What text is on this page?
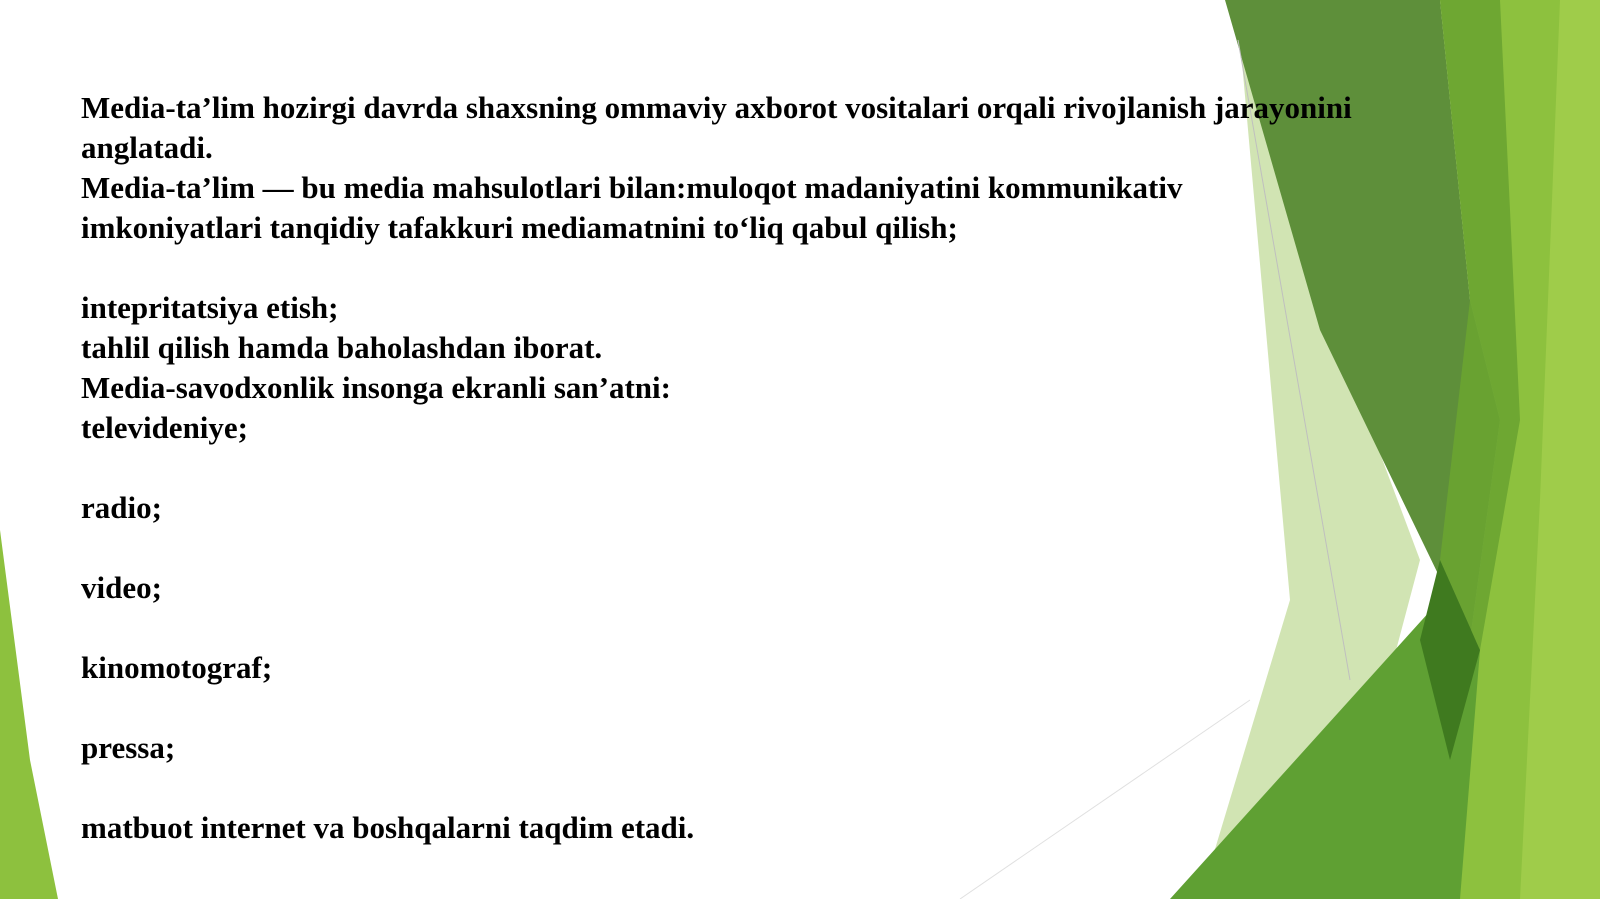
Media-ta’lim hozirgi davrda shaxsning ommaviy axborot vositalari orqali rivojlanish jarayonini
anglatadi.
Media-ta’lim — bu media mahsulotlari bilan:muloqot madaniyatini kommunikativ
imkoniyatlari tanqidiy tafakkuri mediamatnini to‘liq qabul qilish;
intepritatsiya etish;
tahlil qilish hamda baholashdan iborat.
Media-savodxonlik insonga ekranli san’atni:
televideniye;
radio;
video;
kinomotograf;
pressa;
matbuot internet va boshqalarni taqdim etadi.
